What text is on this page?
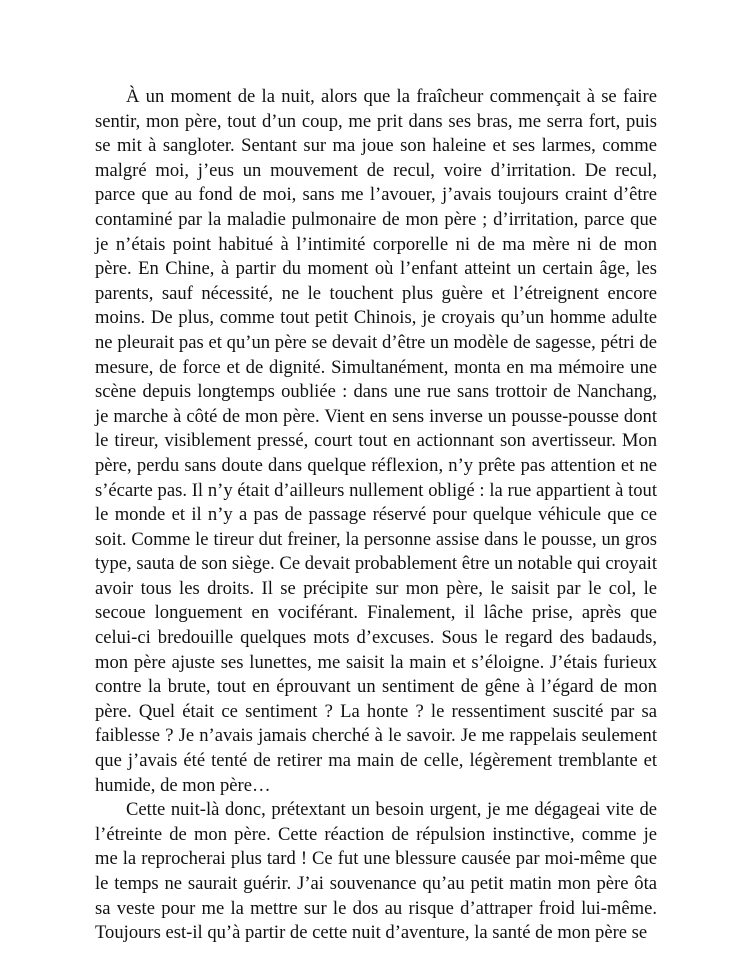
À un moment de la nuit, alors que la fraîcheur commençait à se faire sentir, mon père, tout d’un coup, me prit dans ses bras, me serra fort, puis se mit à sangloter. Sentant sur ma joue son haleine et ses larmes, comme malgré moi, j’eus un mouvement de recul, voire d’irritation. De recul, parce que au fond de moi, sans me l’avouer, j’avais toujours craint d’être contaminé par la maladie pulmonaire de mon père ; d’irritation, parce que je n’étais point habitué à l’intimité corporelle ni de ma mère ni de mon père. En Chine, à partir du moment où l’enfant atteint un certain âge, les parents, sauf nécessité, ne le touchent plus guère et l’étreignent encore moins. De plus, comme tout petit Chinois, je croyais qu’un homme adulte ne pleurait pas et qu’un père se devait d’être un modèle de sagesse, pétri de mesure, de force et de dignité. Simultanément, monta en ma mémoire une scène depuis longtemps oubliée : dans une rue sans trottoir de Nanchang, je marche à côté de mon père. Vient en sens inverse un pousse-pousse dont le tireur, visiblement pressé, court tout en actionnant son avertisseur. Mon père, perdu sans doute dans quelque réflexion, n’y prête pas attention et ne s’écarte pas. Il n’y était d’ailleurs nullement obligé : la rue appartient à tout le monde et il n’y a pas de passage réservé pour quelque véhicule que ce soit. Comme le tireur dut freiner, la personne assise dans le pousse, un gros type, sauta de son siège. Ce devait probablement être un notable qui croyait avoir tous les droits. Il se précipite sur mon père, le saisit par le col, le secoue longuement en vociférant. Finalement, il lâche prise, après que celui-ci bredouille quelques mots d’excuses. Sous le regard des badauds, mon père ajuste ses lunettes, me saisit la main et s’éloigne. J’étais furieux contre la brute, tout en éprouvant un sentiment de gêne à l’égard de mon père. Quel était ce sentiment ? La honte ? le ressentiment suscité par sa faiblesse ? Je n’avais jamais cherché à le savoir. Je me rappelais seulement que j’avais été tenté de retirer ma main de celle, légèrement tremblante et humide, de mon père…

Cette nuit-là donc, prétextant un besoin urgent, je me dégageai vite de l’étreinte de mon père. Cette réaction de répulsion instinctive, comme je me la reprocherai plus tard ! Ce fut une blessure causée par moi-même que le temps ne saurait guérir. J’ai souvenance qu’au petit matin mon père ôta sa veste pour me la mettre sur le dos au risque d’attraper froid lui-même. Toujours est-il qu’à partir de cette nuit d’aventure, la santé de mon père se
